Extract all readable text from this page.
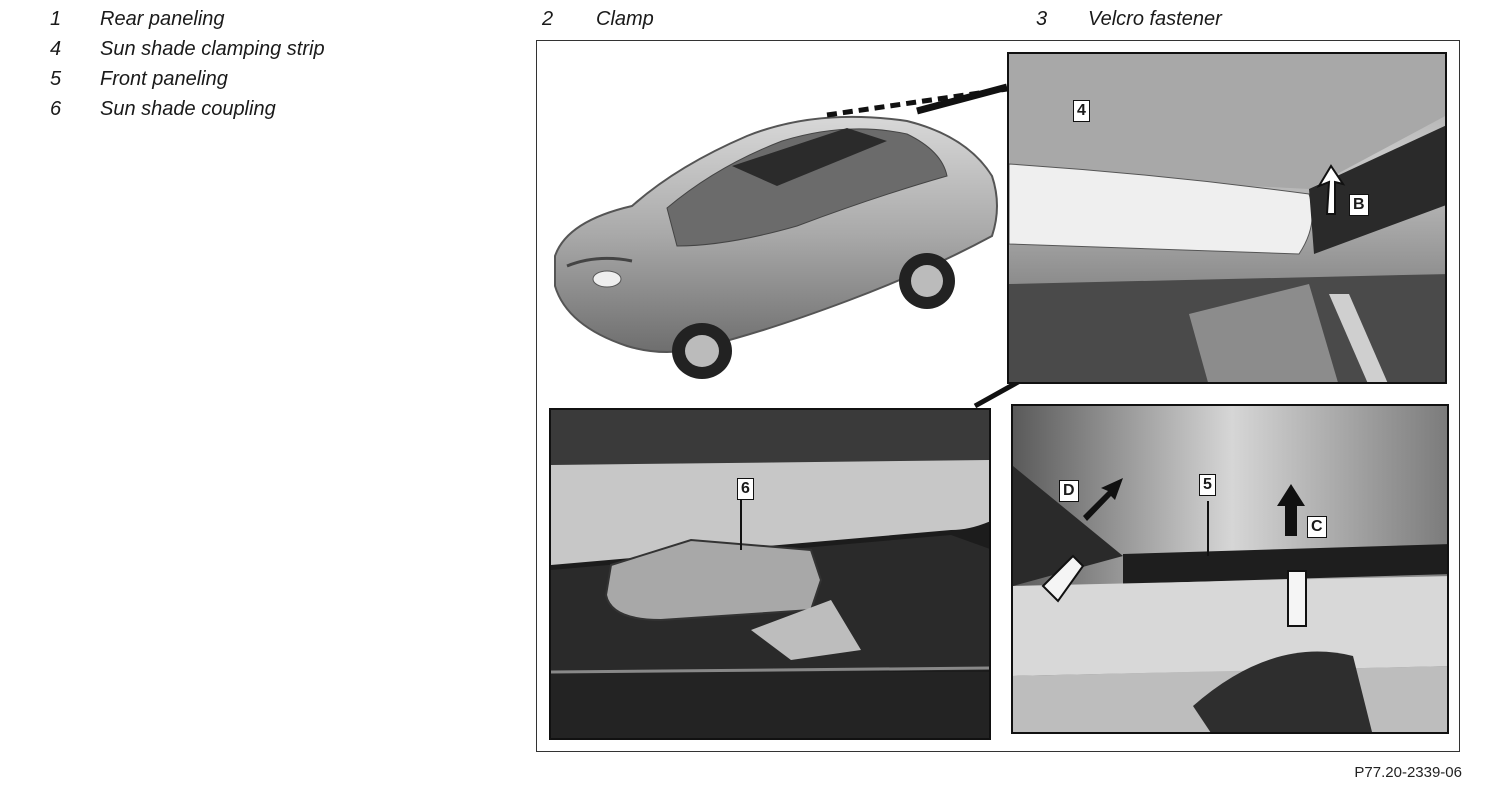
1	Rear paneling
4	Sun shade clamping strip
5	Front paneling
6	Sun shade coupling
2	Clamp	3	Velcro fastener
4
B
6	D	5
C
P77.20-2339-06
